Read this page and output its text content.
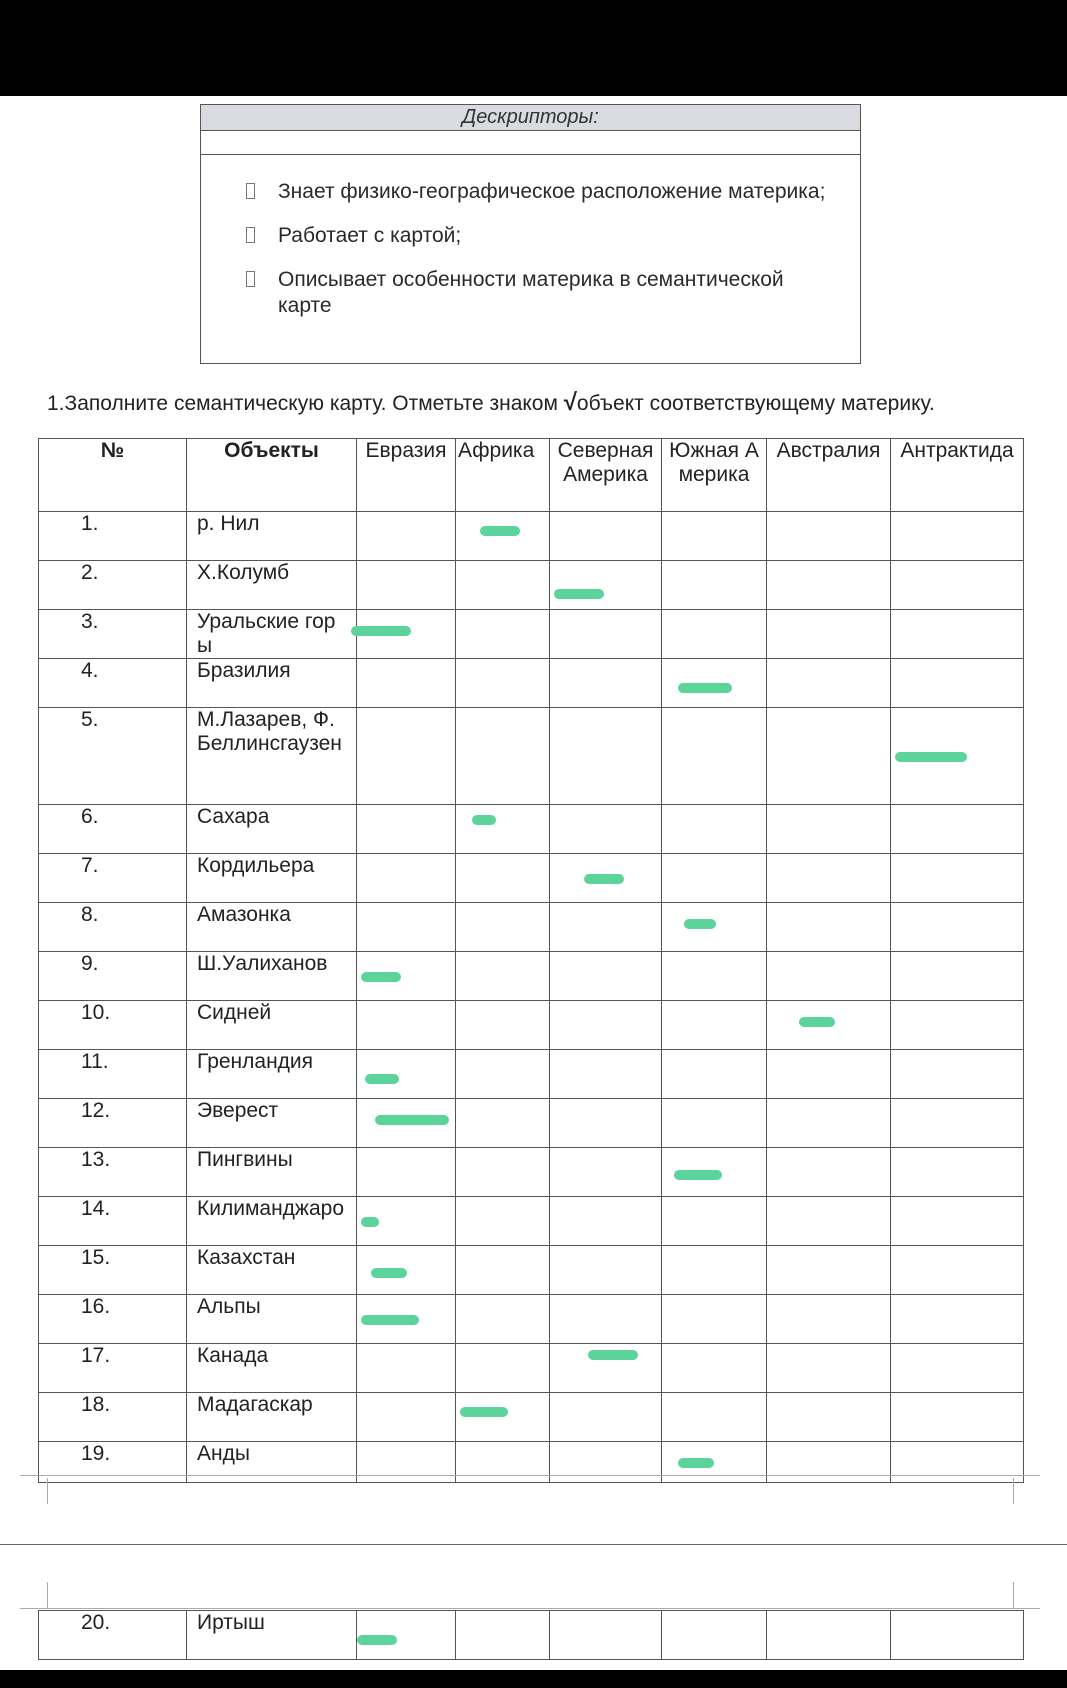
Дескрипторы:
Знает физико-географическое расположение материка;
Работает с картой;
Описывает особенности материка в семантической карте
1.Заполните семантическую карту. Отметьте знаком √объект соответствующему материку.
№	Объекты	Евразия	Африка	Северная Америка	Южная Америка	Австралия	Антрактида
1.	р. Нил		

2.	Х.Колумб			

3.	Уральские горы	

4.	Бразилия				

5.	М.Лазарев, Ф. Беллинсгаузен						

6.	Сахара		

7.	Кордильера			

8.	Амазонка				

9.	Ш.Уалиханов	

10.	Сидней					

11.	Гренландия	

12.	Эверест	

13.	Пингвины				

14.	Килиманджаро	

15.	Казахстан	

16.	Альпы	

17.	Канада			

18.	Мадагаскар		

19.	Анды				

20.	Иртыш	
